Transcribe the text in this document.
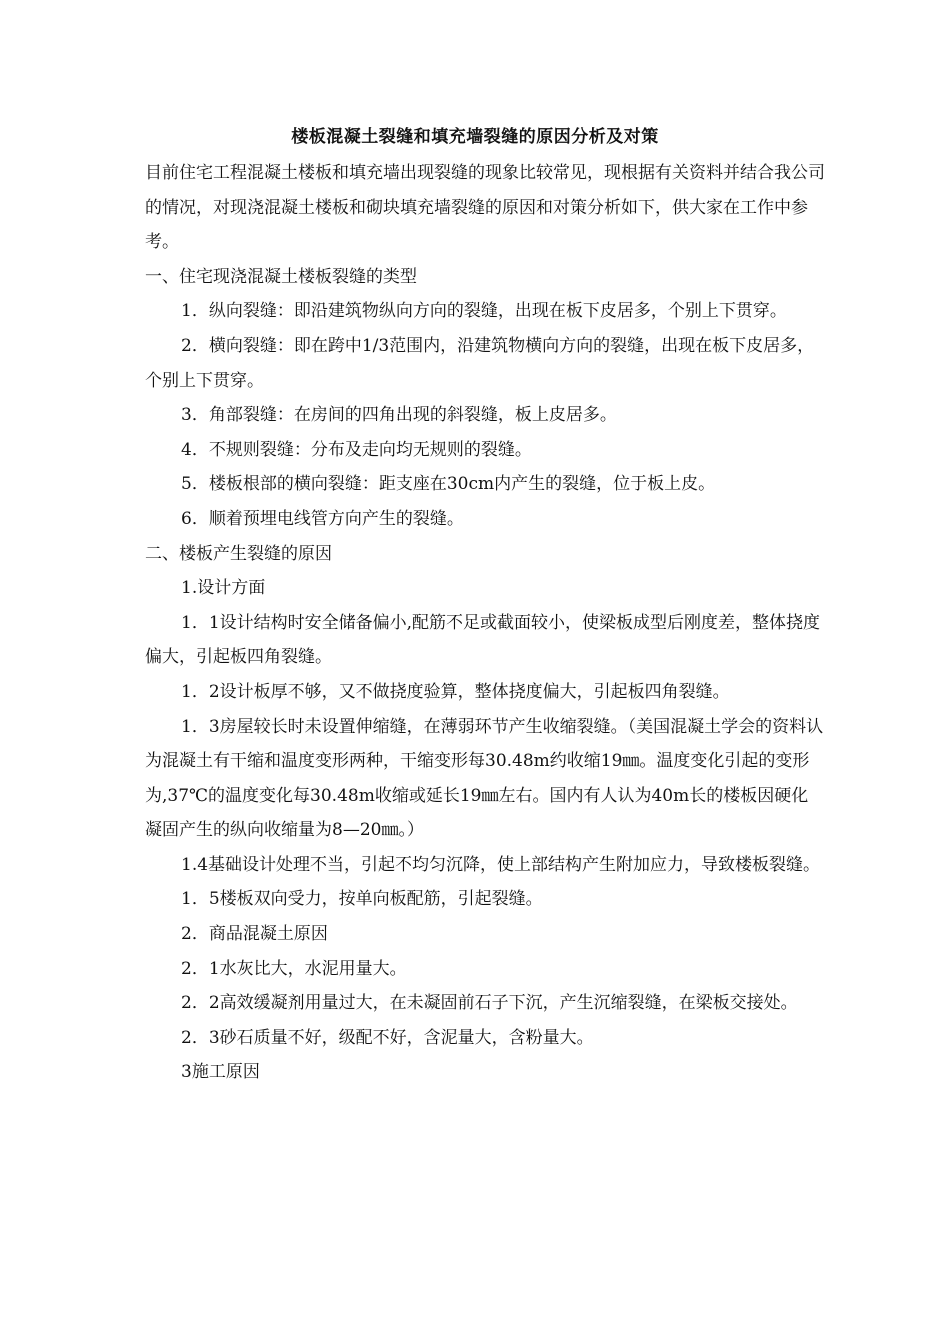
楼板混凝土裂缝和填充墙裂缝的原因分析及对策

目前住宅工程混凝土楼板和填充墙出现裂缝的现象比较常见，现根据有关资料并结合我公司的情况，对现浇混凝土楼板和砌块填充墙裂缝的原因和对策分析如下，供大家在工作中参考。

一、住宅现浇混凝土楼板裂缝的类型

1．纵向裂缝：即沿建筑物纵向方向的裂缝，出现在板下皮居多，个别上下贯穿。

2．横向裂缝：即在跨中1/3范围内，沿建筑物横向方向的裂缝，出现在板下皮居多，个别上下贯穿。

3．角部裂缝：在房间的四角出现的斜裂缝，板上皮居多。

4．不规则裂缝：分布及走向均无规则的裂缝。

5．楼板根部的横向裂缝：距支座在30cm内产生的裂缝，位于板上皮。

6．顺着预埋电线管方向产生的裂缝。

二、楼板产生裂缝的原因

1.设计方面

1．1设计结构时安全储备偏小,配筋不足或截面较小，使梁板成型后刚度差，整体挠度偏大，引起板四角裂缝。

1．2设计板厚不够，又不做挠度验算，整体挠度偏大，引起板四角裂缝。

1．3房屋较长时未设置伸缩缝，在薄弱环节产生收缩裂缝。（美国混凝土学会的资料认为混凝土有干缩和温度变形两种，干缩变形每30.48m约收缩19㎜。温度变化引起的变形为,37℃的温度变化每30.48m收缩或延长19㎜左右。国内有人认为40m长的楼板因硬化凝固产生的纵向收缩量为8—20㎜。）

1.4基础设计处理不当，引起不均匀沉降，使上部结构产生附加应力，导致楼板裂缝。

1．5楼板双向受力，按单向板配筋，引起裂缝。

2．商品混凝土原因

2．1水灰比大，水泥用量大。

2．2高效缓凝剂用量过大，在未凝固前石子下沉，产生沉缩裂缝，在梁板交接处。

2．3砂石质量不好，级配不好，含泥量大，含粉量大。

3施工原因
